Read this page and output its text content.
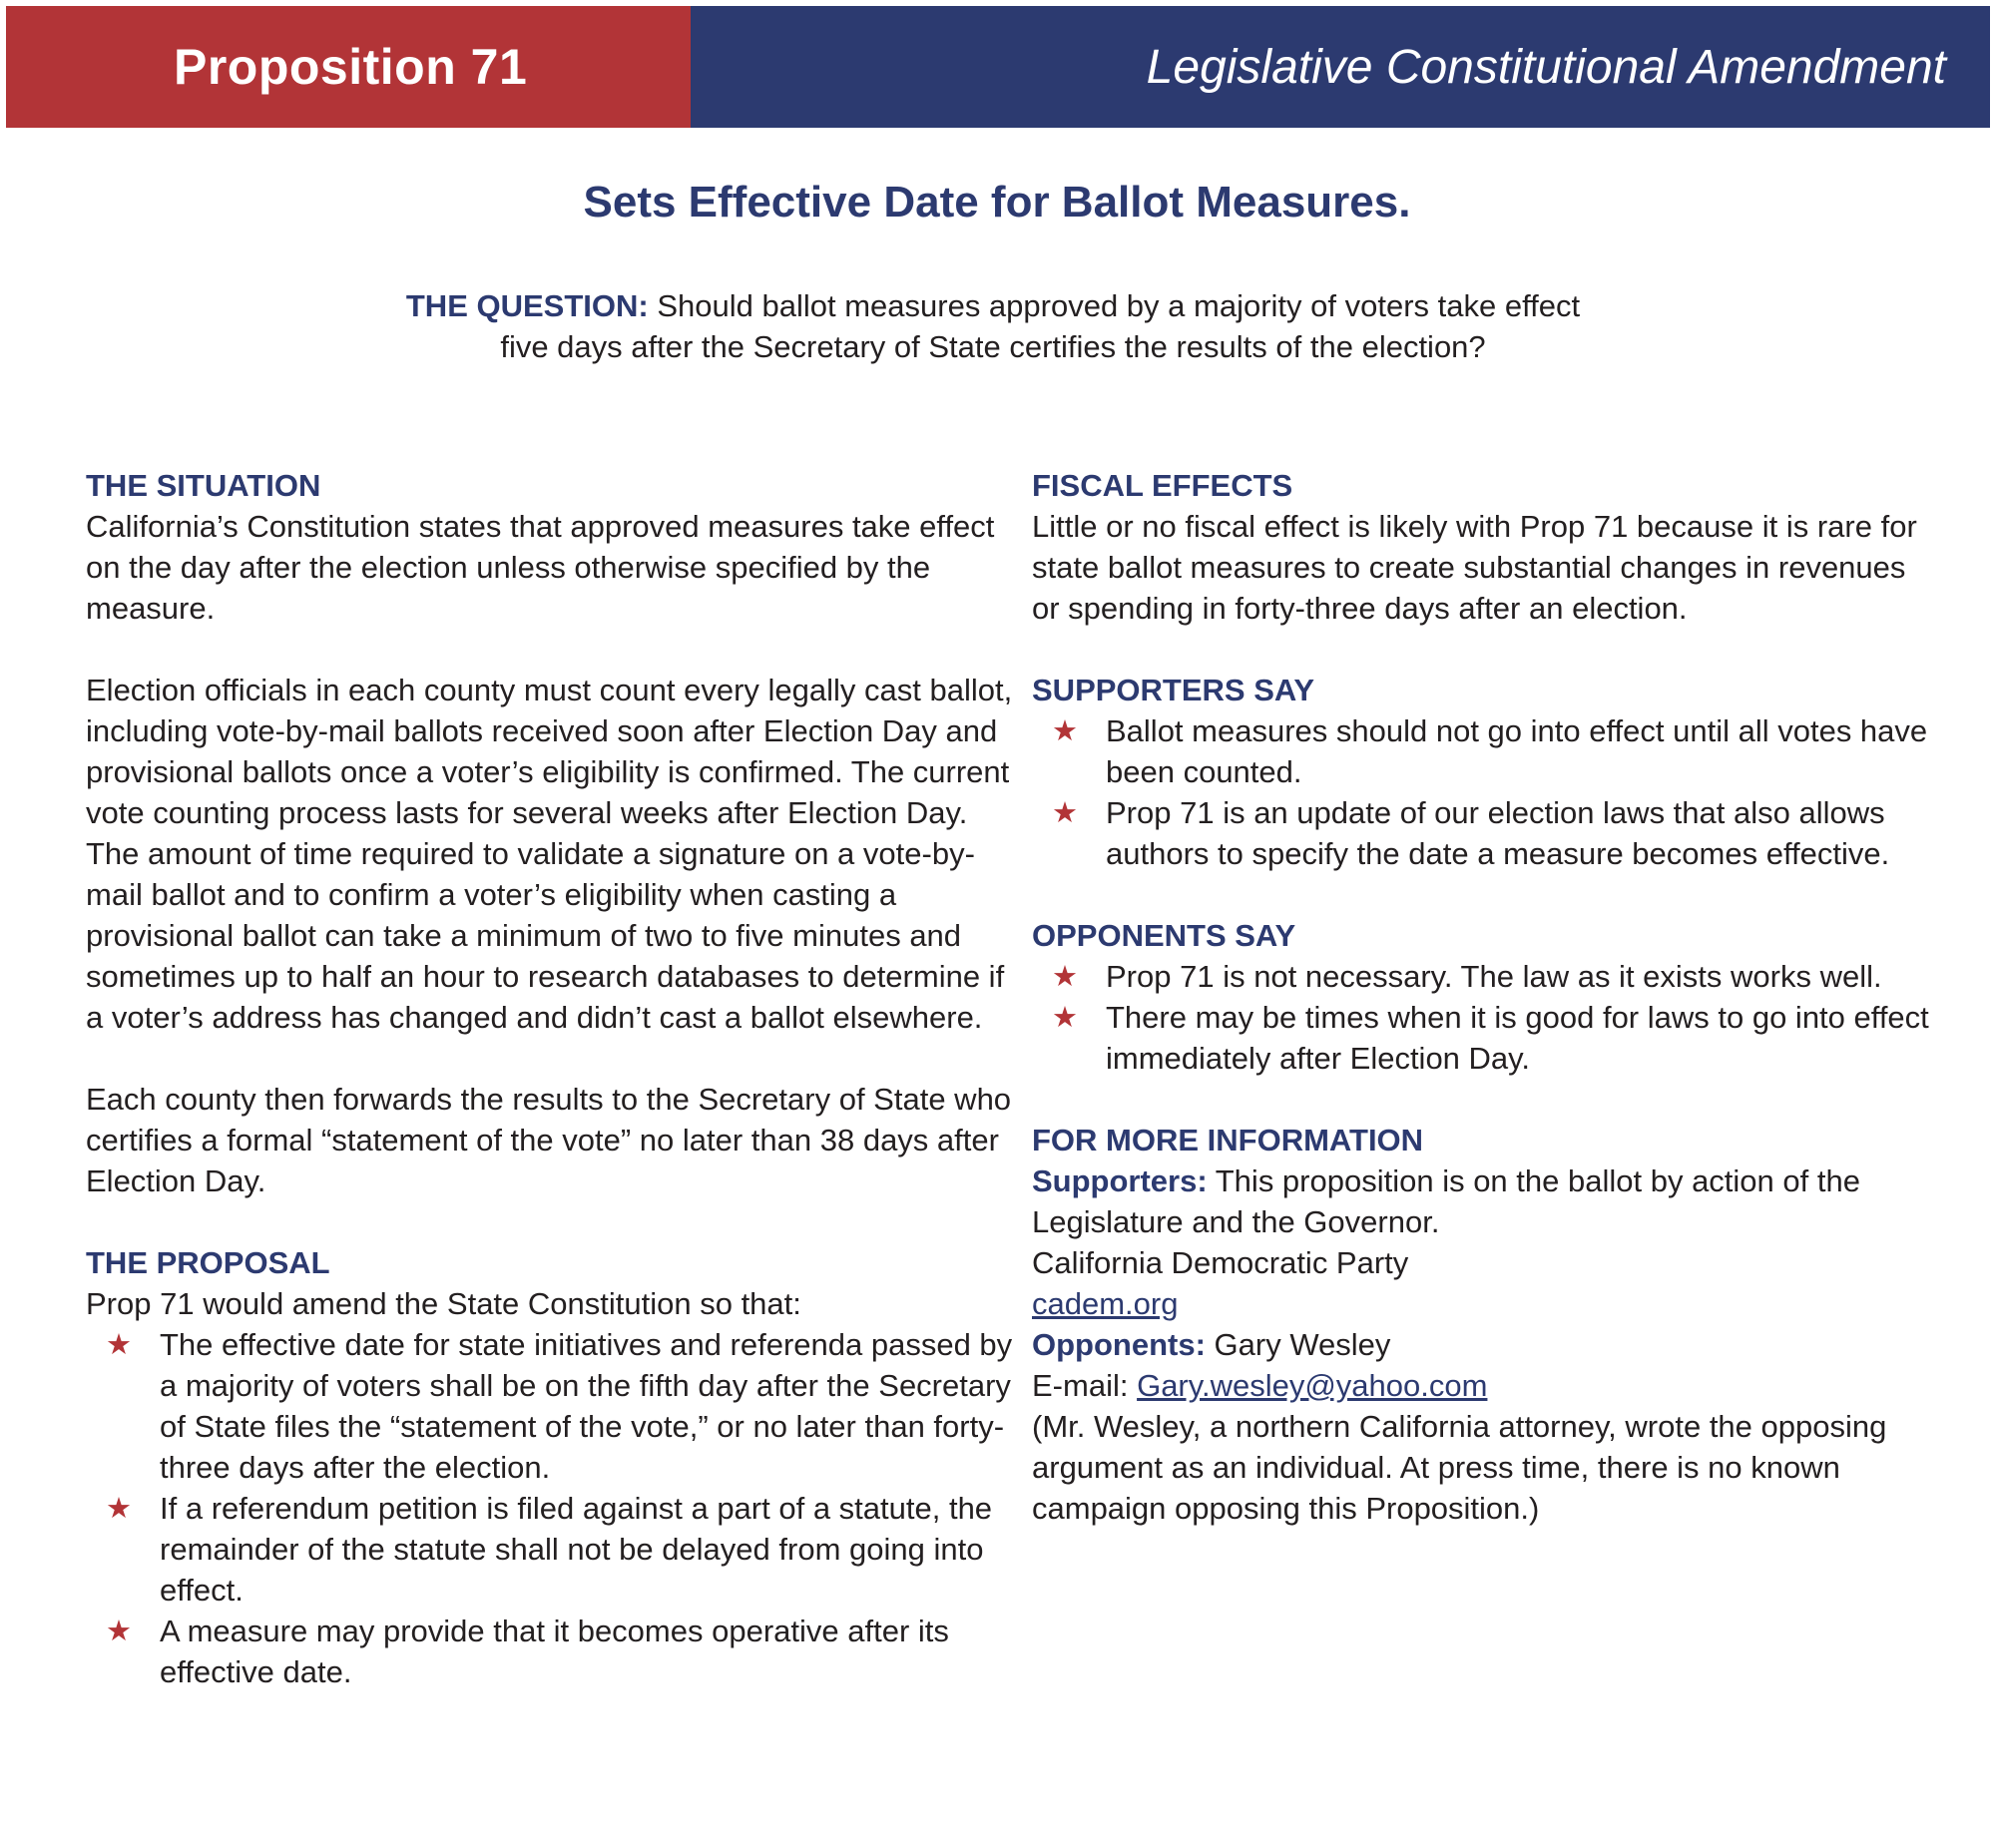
Proposition 71	Legislative Constitutional Amendment
Sets Effective Date for Ballot Measures.
THE QUESTION: Should ballot measures approved by a majority of voters take effect
five days after the Secretary of State certifies the results of the election?
THE SITUATION

California’s Constitution states that approved measures take effect on the day after the election unless otherwise specified by the measure.

Election officials in each county must count every legally cast ballot, including vote-by-mail ballots received soon after Election Day and provisional ballots once a voter’s eligibility is confirmed. The current vote counting process lasts for several weeks after Election Day. The amount of time required to validate a signature on a vote-by-mail ballot and to confirm a voter’s eligibility when casting a provisional ballot can take a minimum of two to five minutes and sometimes up to half an hour to research databases to determine if a voter’s address has changed and didn’t cast a ballot elsewhere.

Each county then forwards the results to the Secretary of State who certifies a formal “statement of the vote” no later than 38 days after Election Day.

THE PROPOSAL

Prop 71 would amend the State Constitution so that:

★ The effective date for state initiatives and referenda passed by a majority of voters shall be on the fifth day after the Secretary of State files the “statement of the vote,” or no later than forty-three days after the election.
★ If a referendum petition is filed against a part of a statute, the remainder of the statute shall not be delayed from going into effect.
★ A measure may provide that it becomes operative after its effective date.
FISCAL EFFECTS

Little or no fiscal effect is likely with Prop 71 because it is rare for state ballot measures to create substantial changes in revenues or spending in forty-three days after an election.

SUPPORTERS SAY
★ Ballot measures should not go into effect until all votes have been counted.
★ Prop 71 is an update of our election laws that also allows authors to specify the date a measure becomes effective.
OPPONENTS SAY
★ Prop 71 is not necessary. The law as it exists works well.
★ There may be times when it is good for laws to go into effect immediately after Election Day.
FOR MORE INFORMATION

Supporters: This proposition is on the ballot by action of the Legislature and the Governor.

California Democratic Party

cadem.org

Opponents: Gary Wesley

E-mail: Gary.wesley@yahoo.com

(Mr. Wesley, a northern California attorney, wrote the opposing argument as an individual. At press time, there is no known campaign opposing this Proposition.)
